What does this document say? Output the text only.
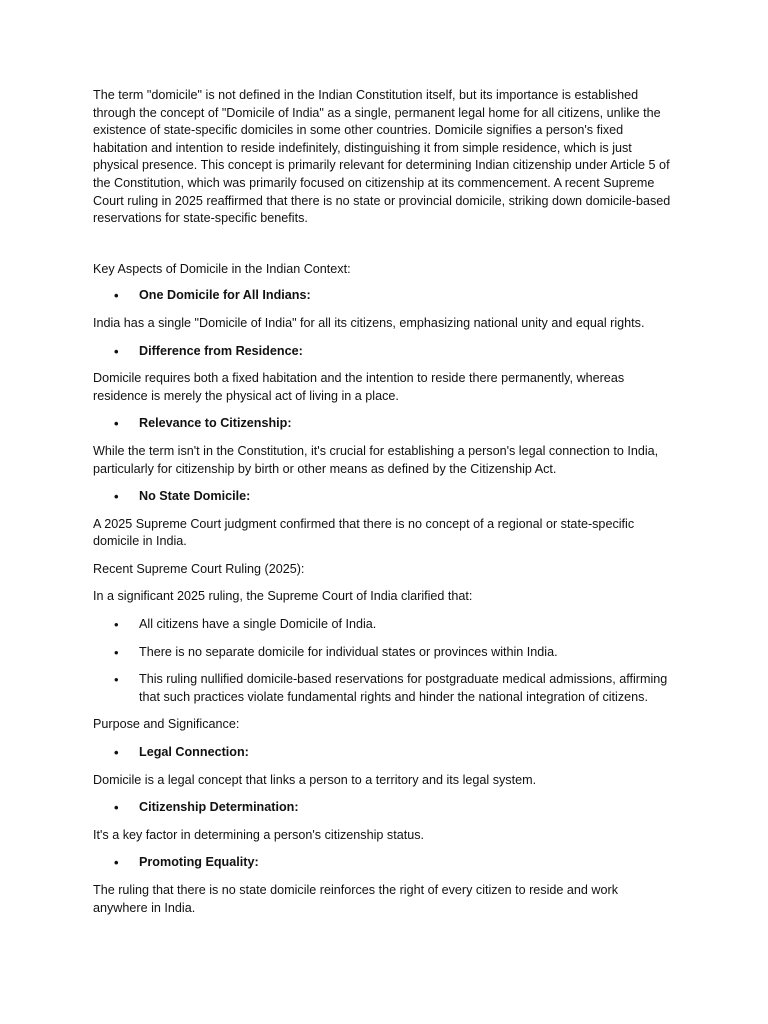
The term "domicile" is not defined in the Indian Constitution itself, but its importance is established through the concept of "Domicile of India" as a single, permanent legal home for all citizens, unlike the existence of state-specific domiciles in some other countries. Domicile signifies a person's fixed habitation and intention to reside indefinitely, distinguishing it from simple residence, which is just physical presence. This concept is primarily relevant for determining Indian citizenship under Article 5 of the Constitution, which was primarily focused on citizenship at its commencement. A recent Supreme Court ruling in 2025 reaffirmed that there is no state or provincial domicile, striking down domicile-based reservations for state-specific benefits.

Key Aspects of Domicile in the Indian Context:

• One Domicile for All Indians:

India has a single "Domicile of India" for all its citizens, emphasizing national unity and equal rights.

• Difference from Residence:

Domicile requires both a fixed habitation and the intention to reside there permanently, whereas residence is merely the physical act of living in a place.

• Relevance to Citizenship:

While the term isn't in the Constitution, it's crucial for establishing a person's legal connection to India, particularly for citizenship by birth or other means as defined by the Citizenship Act.

• No State Domicile:

A 2025 Supreme Court judgment confirmed that there is no concept of a regional or state-specific domicile in India.

Recent Supreme Court Ruling (2025):

In a significant 2025 ruling, the Supreme Court of India clarified that:

• All citizens have a single Domicile of India.
• There is no separate domicile for individual states or provinces within India.
• This ruling nullified domicile-based reservations for postgraduate medical admissions, affirming that such practices violate fundamental rights and hinder the national integration of citizens.

Purpose and Significance:

• Legal Connection:

Domicile is a legal concept that links a person to a territory and its legal system.

• Citizenship Determination:

It's a key factor in determining a person's citizenship status.

• Promoting Equality:

The ruling that there is no state domicile reinforces the right of every citizen to reside and work anywhere in India.
